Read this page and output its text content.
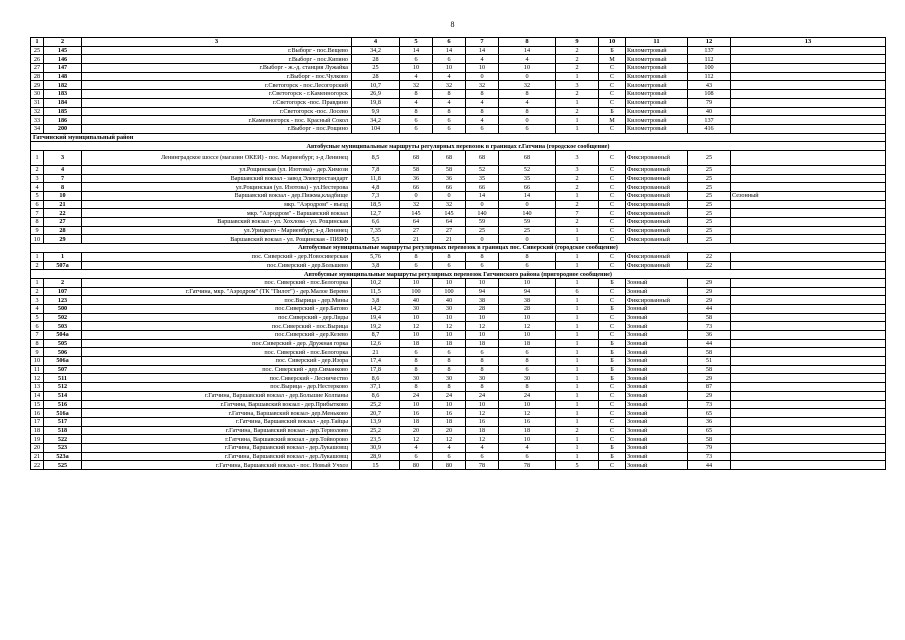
8
1	2	3	4	5	6	7	8	9	10	11	12	13
25	145	г.Выборг - пос.Вещево	34,2	14	14	14	14	2	Б	Километровый	137	
26	146	г.Выборг - пос.Кипяно	28	6	6	4	4	2	М	Километровый	112	
27	147	г.Выборг - ж.-д. станция Лужайка	25	10	10	10	10	2	С	Километровый	100	
28	148	г.Выборг - пос.Чулково	28	4	4	0	0	1	С	Километровый	112	
29	182	г.Светогорск - пос.Лесогорский	10,7	32	32	32	32	3	С	Километровый	43	
30	183	г.Светогорск - г.Каменногорск	26,9	8	8	8	8	2	С	Километровый	108	
31	184	г.Светогорск -пос. Правдино	19,8	4	4	4	4	1	С	Километровый	79	
32	185	г.Светогорск -пос. Лосево	9,9	8	8	8	8	2	Б	Километровый	40	
33	186	г.Каменногорск - пос. Красный Сокол	34,2	6	6	4	0	1	М	Километровый	137	
34	200	г.Выборг - пос.Рощино	104	6	6	6	6	1	С	Километровый	416	
Гатчинский муниципальный район												
Автобусные муниципальные маршруты регулярных перевозок в границах г.Гатчина (городское сообщение)												
1	3	Ленинградское шоссе (магазин ОКЕИ) - пос. Мариенбург, з-д Ленинец	8,5	68	68	68	68	3	С	Фиксированный	25	
2	4	ул.Рощинская (ул. Изотова) - дер.Химози	7,8	58	58	52	52	3	С	Фиксированный	25	
3	7	Варшавский вокзал - завод Электростандарт	11,8	36	36	35	35	2	С	Фиксированный	25	
4	8	ул.Рощинская (ул. Изотова) - ул.Нестерова	4,8	66	66	66	66	2	С	Фиксированный	25	
5	10	Варшавский вокзал - дер.Пижма,кладбище	7,3	0	0	14	14	1	С	Фиксированный	25	Сезонный
6	21	мкр. "Аэродром" - въезд	18,5	32	32	0	0	2	С	Фиксированный	25	
7	22	мкр. "Аэродром" - Варшавский вокзал	12,7	145	145	140	140	7	С	Фиксированный	25	
8	27	Варшавский вокзал - ул. Хохлова - ул. Рощинская	6,6	64	64	59	59	2	С	Фиксированный	25	
9	28	ул.Урицкого - Мариенбург, з-д Ленинец	7,35	27	27	25	25	1	С	Фиксированный	25	
10	29	Варшавский вокзал - ул. Рощинская - ПИЯФ	5,5	21	21	0	0	1	С	Фиксированный	25	
Автобусные муниципальные маршруты регулярных перевозок в границах пос. Сиверский (городское сообщение)												
1	1	пос. Сиверский - дер.Новосиверская	5,76	8	8	8	8	1	С	Фиксированный	22	
2	507а	пос.Сиверский - дер.Большево	3,8	6	6	6	6	1	С	Фиксированный	22	
Автобусные муниципальные маршруты регулярных перевозок Гатчинского района (пригородное сообщение)												
1	2	пос. Сиверский - пос.Белогорка	10,2	10	10	10	10	1	Б	Зонный	29	
2	107	г.Гатчина, мкр. "Аэродром" (ТК "Пилот") - дер.Малое Верево	11,5	100	100	94	94	6	С	Зонный	29	
3	123	пос.Вырица - дер.Мины	3,8	40	40	38	38	1	С	Фиксированный	29	
4	500	пос.Сиверский - дер.Батово	14,2	30	30	28	28	1	Б	Зонный	44	
5	502	пос.Сиверский - дер.Лиды	19,4	10	10	10	10	1	С	Зонный	58	
6	503	пос.Сиверский - пос.Вырица	19,2	12	12	12	12	1	С	Зонный	73	
7	504а	пос.Сиверский - дер.Кезево	8,7	10	10	10	10	1	С	Зонный	36	
8	505	пос.Сиверский - дер. Дружная горка	12,6	18	18	18	18	1	Б	Зонный	44	
9	506	пос. Сиверский - пос.Белогорка	21	6	6	6	6	1	Б	Зонный	58	
10	506а	пос. Сиверский - дер.Изора	17,4	8	8	8	8	1	Б	Зонный	51	
11	507	пос. Сиверский - дер.Симанково	17,8	8	8	8	6	1	Б	Зонный	58	
12	511	пос.Сиверский - Лесничество	8,6	30	30	30	30	1	Б	Зонный	29	
13	512	пос.Вырица - дер.Нестерково	37,1	8	8	8	8	1	С	Зонный	87	
14	514	г.Гатчина, Варшавский вокзал - дер.Большие Колпаны	8,6	24	24	24	24	1	С	Зонный	29	
15	516	г.Гатчина, Варшавский вокзал - дер.Прибытково	25,2	10	10	10	10	1	С	Зонный	73	
16	516а	г.Гатчина, Варшавский вокзал- дер.Меньково	20,7	16	16	12	12	1	С	Зонный	65	
17	517	г.Гатчина, Варшавский вокзал - дер.Тайцы	13,9	18	18	16	16	1	С	Зонный	36	
18	518	г.Гатчина, Варшавский вокзал - дер.Терволово	25,2	20	20	18	18	2	С	Зонный	65	
19	522	г.Гатчина, Варшавский вокзал - дер.Тойворово	23,5	12	12	12	10	1	С	Зонный	58	
20	523	г.Гатчина, Варшавский вокзал - дер.Лукашовщ	30,9	4	4	4	4	1	Б	Зонный	79	
21	523а	г.Гатчина, Варшавский вокзал - дер.Лукашовщ	28,9	6	6	6	6	1	Б	Зонный	73	
22	525	г.Гатчина, Варшавский вокзал - пос. Новый Учхоз	15	80	80	78	78	5	С	Зонный	44	
